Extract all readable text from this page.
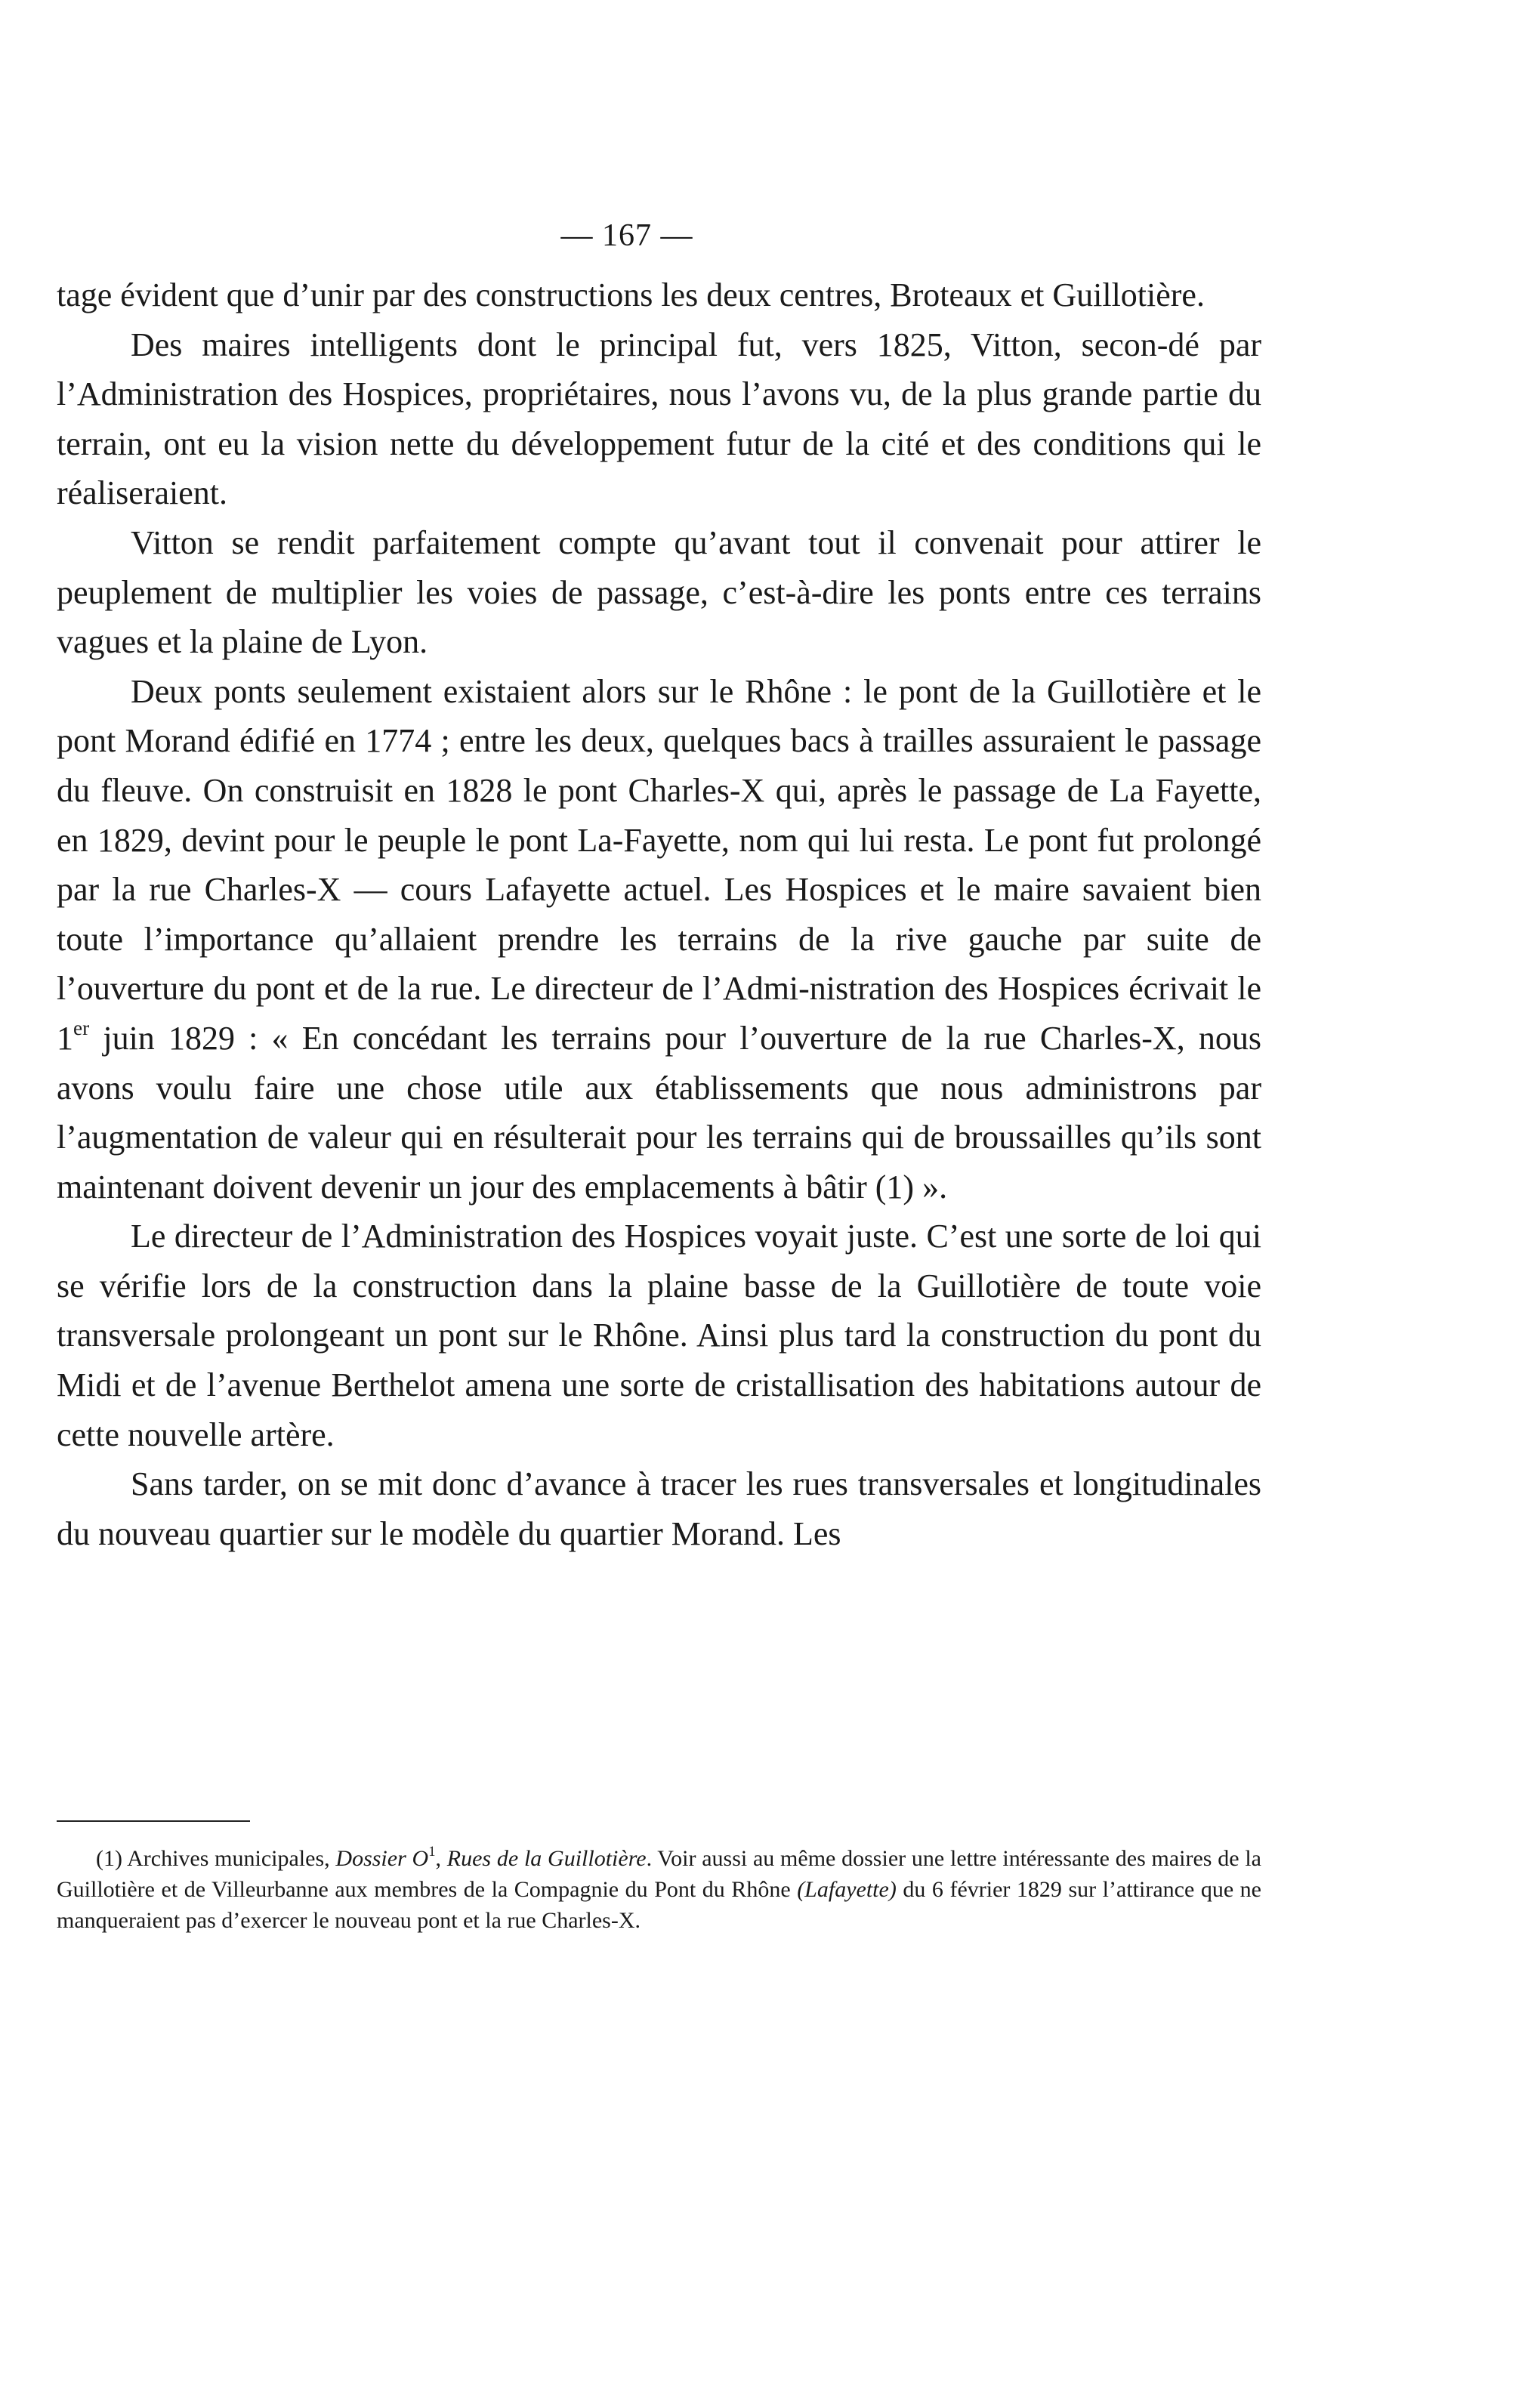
— 167 —

tage évident que d’unir par des constructions les deux centres, Broteaux et Guillotière.

Des maires intelligents dont le principal fut, vers 1825, Vitton, secon-dé par l’Administration des Hospices, propriétaires, nous l’avons vu, de la plus grande partie du terrain, ont eu la vision nette du développement futur de la cité et des conditions qui le réaliseraient.

Vitton se rendit parfaitement compte qu’avant tout il convenait pour attirer le peuplement de multiplier les voies de passage, c’est-à-dire les ponts entre ces terrains vagues et la plaine de Lyon.

Deux ponts seulement existaient alors sur le Rhône : le pont de la Guillotière et le pont Morand édifié en 1774 ; entre les deux, quelques bacs à trailles assuraient le passage du fleuve. On construisit en 1828 le pont Charles-X qui, après le passage de La Fayette, en 1829, devint pour le peuple le pont La-Fayette, nom qui lui resta. Le pont fut prolongé par la rue Charles-X — cours Lafayette actuel. Les Hospices et le maire savaient bien toute l’importance qu’allaient prendre les terrains de la rive gauche par suite de l’ouverture du pont et de la rue. Le directeur de l’Admi-nistration des Hospices écrivait le 1er juin 1829 : « En concédant les terrains pour l’ouverture de la rue Charles-X, nous avons voulu faire une chose utile aux établissements que nous administrons par l’augmentation de valeur qui en résulterait pour les terrains qui de broussailles qu’ils sont maintenant doivent devenir un jour des emplacements à bâtir (1) ».

Le directeur de l’Administration des Hospices voyait juste. C’est une sorte de loi qui se vérifie lors de la construction dans la plaine basse de la Guillotière de toute voie transversale prolongeant un pont sur le Rhône. Ainsi plus tard la construction du pont du Midi et de l’avenue Berthelot amena une sorte de cristallisation des habitations autour de cette nouvelle artère.

Sans tarder, on se mit donc d’avance à tracer les rues transversales et longitudinales du nouveau quartier sur le modèle du quartier Morand. Les

(1) Archives municipales, Dossier $O^1$, Rues de la Guillotière. Voir aussi au même dossier une lettre intéressante des maires de la Guillotière et de Villeurbanne aux membres de la Compagnie du Pont du Rhône (Lafayette) du 6 février 1829 sur l’attirance que ne manqueraient pas d’exercer le nouveau pont et la rue Charles-X.
